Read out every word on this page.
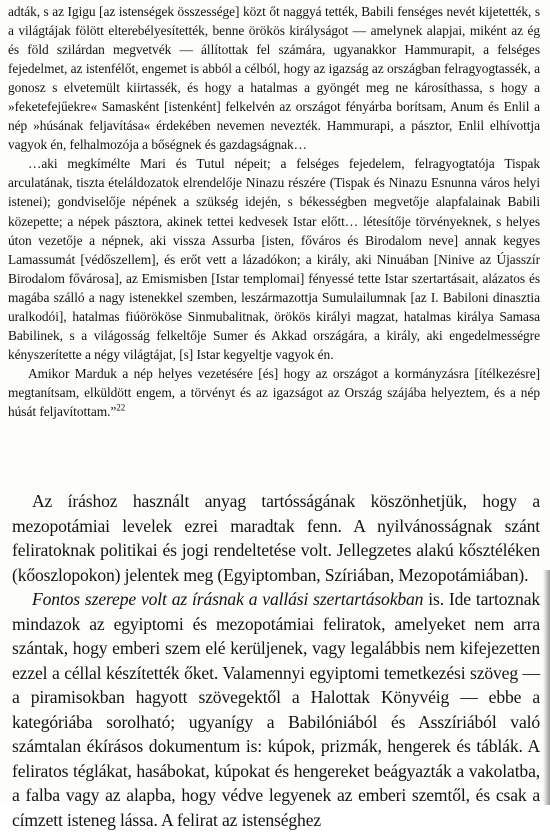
adták, s az Igigu [az istenségek összessége] közt őt naggyá tették, Babili fenséges nevét kijetették, s a világtájak fölött elterebélyesítették, benne örökös királyságot — amelynek alapjai, miként az ég és föld szilárdan megvetvék — állítottak fel számára, ugyanakkor Hammurapit, a felséges fejedelmet, az istenfélőt, engemet is abból a célból, hogy az igazság az országban felragyogtassék, a gonosz s elvetemült kiirtassék, és hogy a hatalmas a gyöngét meg ne károsíthassa, s hogy a »feketefejűekre« Samasként [istenként] felkelvén az országot fényárba borítsam, Anum és Enlil a nép »húsának feljavítása« érdekében nevemen nevezték. Hammurapi, a pásztor, Enlil elhívottja vagyok én, felhalmozója a bőségnek és gazdagságnak…

…aki megkímélte Mari és Tutul népeit; a felséges fejedelem, felragyogtatója Tispak arculatának, tiszta ételáldozatok elrendelője Ninazu részére (Tispak és Ninazu Esnunna város helyi istenei); gondviselője népének a szükség idején, s békességben megvetője alapfalainak Babili közepette; a népek pásztora, akinek tettei kedvesek Istar előtt… létesítője törvényeknek, s helyes úton vezetője a népnek, aki vissza Assurba [isten, főváros és Birodalom neve] annak kegyes Lamassumát [védőszellem], és erőt vett a lázadókon; a király, aki Ninuában [Ninive az Újasszír Birodalom fővárosa], az Emismisben [Istar templomai] fényessé tette Istar szertartásait, alázatos és magába szálló a nagy istenekkel szemben, leszármazottja Sumulailumnak [az I. Babiloni dinasztia uralkodói], hatalmas fiúörököse Sinmubalitnak, örökös királyi magzat, hatalmas királya Samasa Babilinek, s a világosság felkeltője Sumer és Akkad országára, a király, aki engedelmességre kényszerítette a négy világtájat, [s] Istar kegyeltje vagyok én.

Amikor Marduk a nép helyes vezetésére [és] hogy az országot a kormányzásra [ítélkezésre] megtanítsam, elküldött engem, a törvényt és az igazságot az Ország szájába helyeztem, és a nép húsát feljavítottam.”$^{22}$

Az íráshoz használt anyag tartósságának köszönhetjük, hogy a mezopotámiai levelek ezrei maradtak fenn. A nyilvánosságnak szánt feliratoknak politikai és jogi rendeltetése volt. Jellegzetes alakú kősztéléken (kőoszlopokon) jelentek meg (Egyiptomban, Szíriában, Mezopotámiában).

Fontos szerepe volt az írásnak a vallási szertartásokban is. Ide tartoznak mindazok az egyiptomi és mezopotámiai feliratok, amelyeket nem arra szántak, hogy emberi szem elé kerüljenek, vagy legalábbis nem kifejezetten ezzel a céllal készítették őket. Valamennyi egyiptomi temetkezési szöveg — a piramisokban hagyott szövegektől a Halottak Könyvéig — ebbe a kategóriába sorolható; ugyanígy a Babilóniából és Asszíriából való számtalan ékírásos dokumentum is: kúpok, prizmák, hengerek és táblák. A feliratos téglákat, hasábokat, kúpokat és hengereket beágyazták a vakolatba, a falba vagy az alapba, hogy védve legyenek az emberi szemtől, és csak a címzett isteneg lássa. A felirat az istenséghez
